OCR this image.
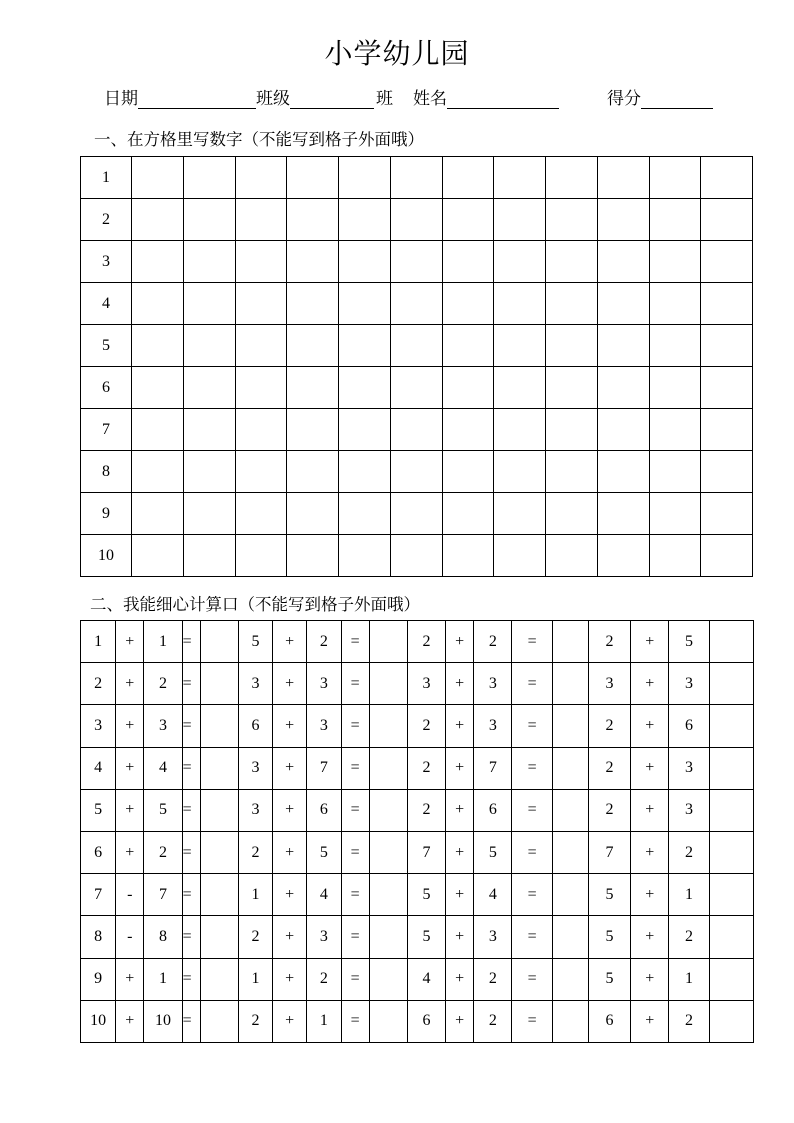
小学幼儿园
日期	班级	班 姓名	得分
一、在方格里写数字（不能写到格子外面哦）
1												
2												
3												
4												
5												
6												
7												
8												
9												
10												
二、我能细心计算口（不能写到格子外面哦）
1	+	1	=		5	+	2	=		2	+	2	=		2	+	5	
2	+	2	=		3	+	3	=		3	+	3	=		3	+	3	
3	+	3	=		6	+	3	=		2	+	3	=		2	+	6	
4	+	4	=		3	+	7	=		2	+	7	=		2	+	3	
5	+	5	=		3	+	6	=		2	+	6	=		2	+	3	
6	+	2	=		2	+	5	=		7	+	5	=		7	+	2	
7	-	7	=		1	+	4	=		5	+	4	=		5	+	1	
8	-	8	=		2	+	3	=		5	+	3	=		5	+	2	
9	+	1	=		1	+	2	=		4	+	2	=		5	+	1	
10	+	10	=		2	+	1	=		6	+	2	=		6	+	2	
